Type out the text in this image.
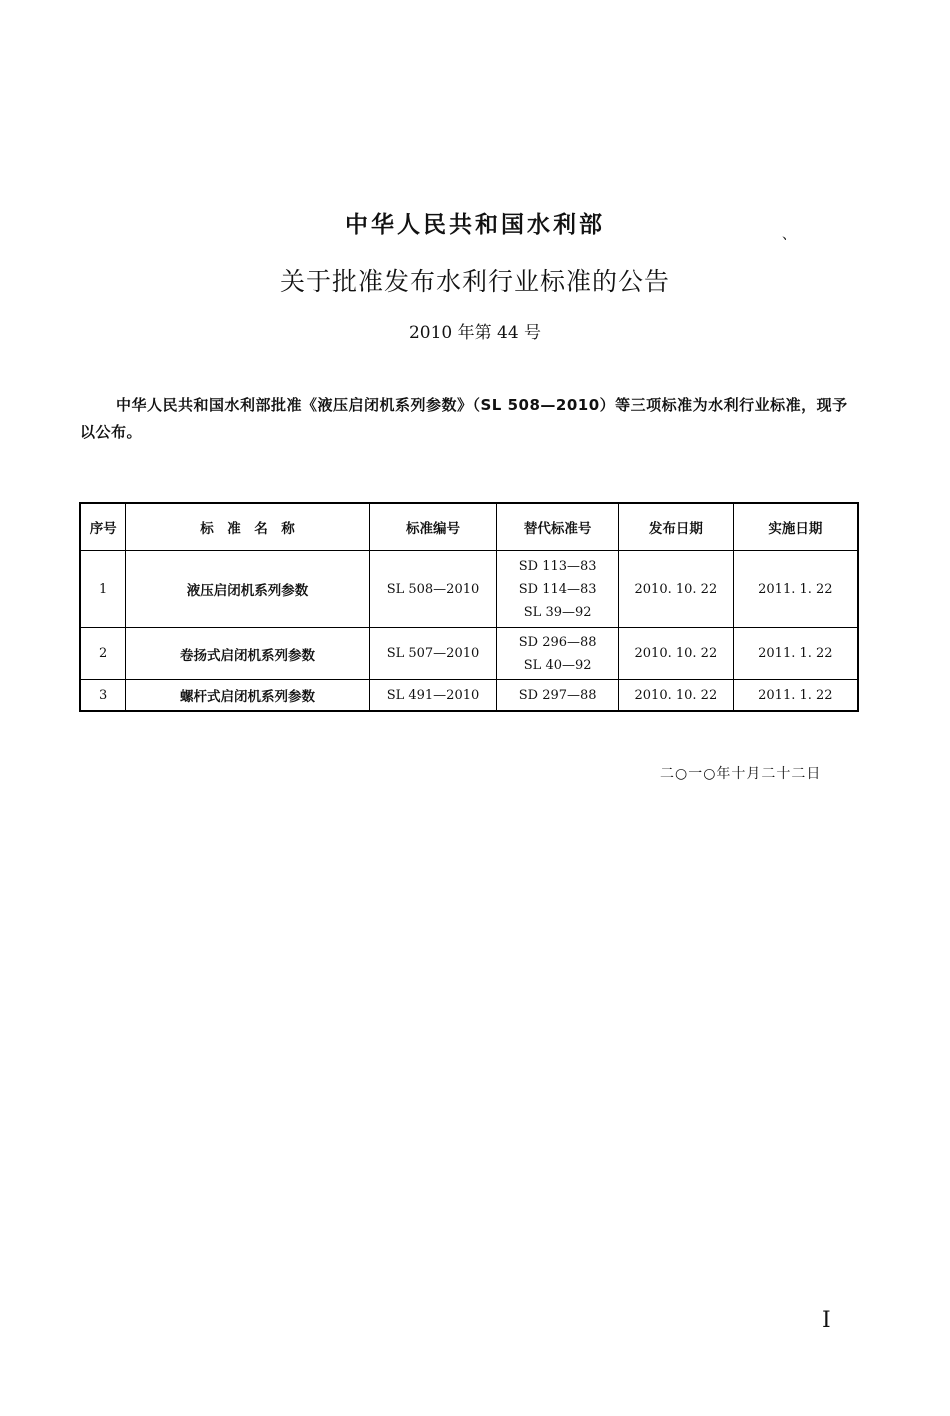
中华人民共和国水利部	、
关于批准发布水利行业标准的公告
2010 年第 44 号
中华人民共和国水利部批准《液压启闭机系列参数》（SL 508—2010）等三项标准为水利行业标准，现予以公布。
序号	标　准　名　称	标准编号	替代标准号	发布日期	实施日期
1	液压启闭机系列参数	SL 508—2010	SD 113—83
SD 114—83
SL 39—92	2010. 10. 22	2011. 1. 22
2	卷扬式启闭机系列参数	SL 507—2010	SD 296—88
SL 40—92	2010. 10. 22	2011. 1. 22
3	螺杆式启闭机系列参数	SL 491—2010	SD 297—88	2010. 10. 22	2011. 1. 22
二○一○年十月二十二日
I
